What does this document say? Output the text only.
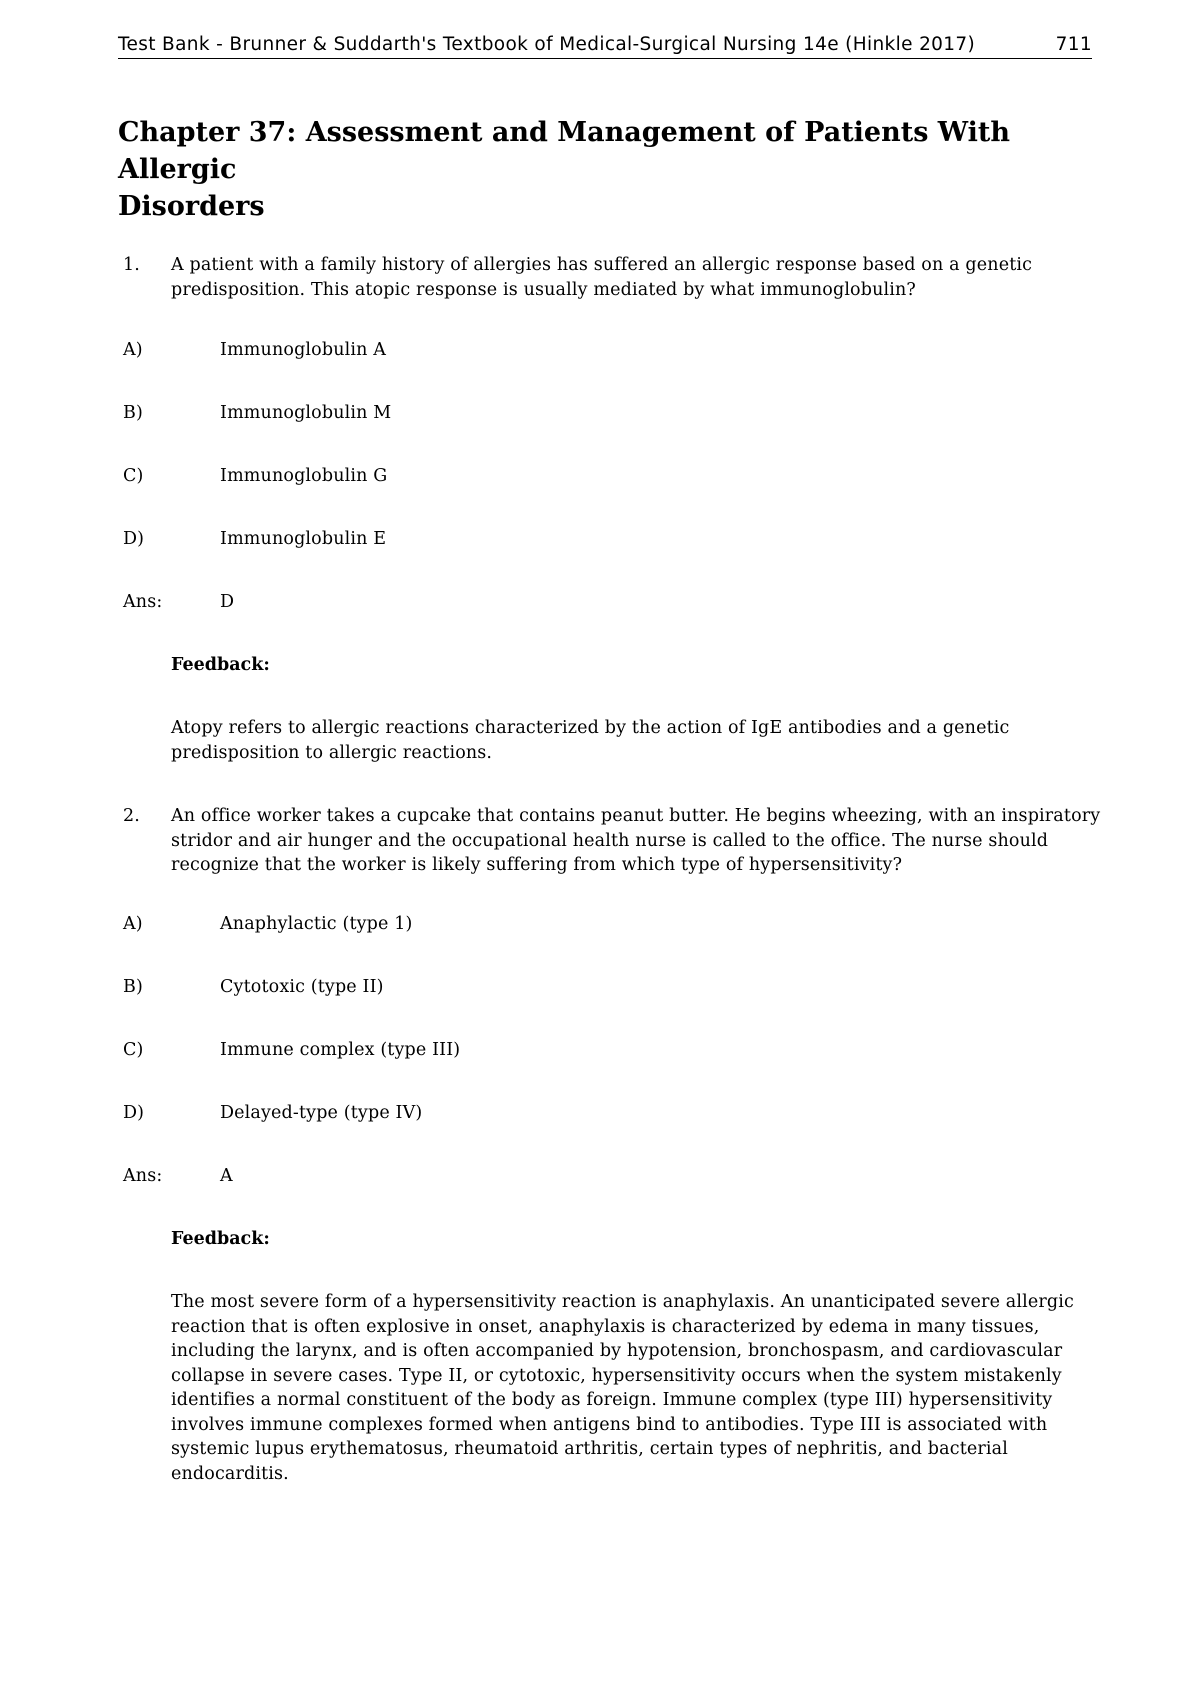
Test Bank - Brunner & Suddarth's Textbook of Medical-Surgical Nursing 14e (Hinkle 2017)	711
Chapter 37: Assessment and Management of Patients With Allergic
Disorders
1. A patient with a family history of allergies has suffered an allergic response based on a genetic
predisposition. This atopic response is usually mediated by what immunoglobulin?
A)	Immunoglobulin A
B)	Immunoglobulin M
C)	Immunoglobulin G
D)	Immunoglobulin E
Ans:	D
Feedback:
Atopy refers to allergic reactions characterized by the action of IgE antibodies and a genetic
predisposition to allergic reactions.
2. An office worker takes a cupcake that contains peanut butter. He begins wheezing, with an inspiratory
stridor and air hunger and the occupational health nurse is called to the office. The nurse should
recognize that the worker is likely suffering from which type of hypersensitivity?
A)	Anaphylactic (type 1)
B)	Cytotoxic (type II)
C)	Immune complex (type III)
D)	Delayed-type (type IV)
Ans:	A
Feedback:
The most severe form of a hypersensitivity reaction is anaphylaxis. An unanticipated severe allergic
reaction that is often explosive in onset, anaphylaxis is characterized by edema in many tissues,
including the larynx, and is often accompanied by hypotension, bronchospasm, and cardiovascular
collapse in severe cases. Type II, or cytotoxic, hypersensitivity occurs when the system mistakenly
identifies a normal constituent of the body as foreign. Immune complex (type III) hypersensitivity
involves immune complexes formed when antigens bind to antibodies. Type III is associated with
systemic lupus erythematosus, rheumatoid arthritis, certain types of nephritis, and bacterial endocarditis.
